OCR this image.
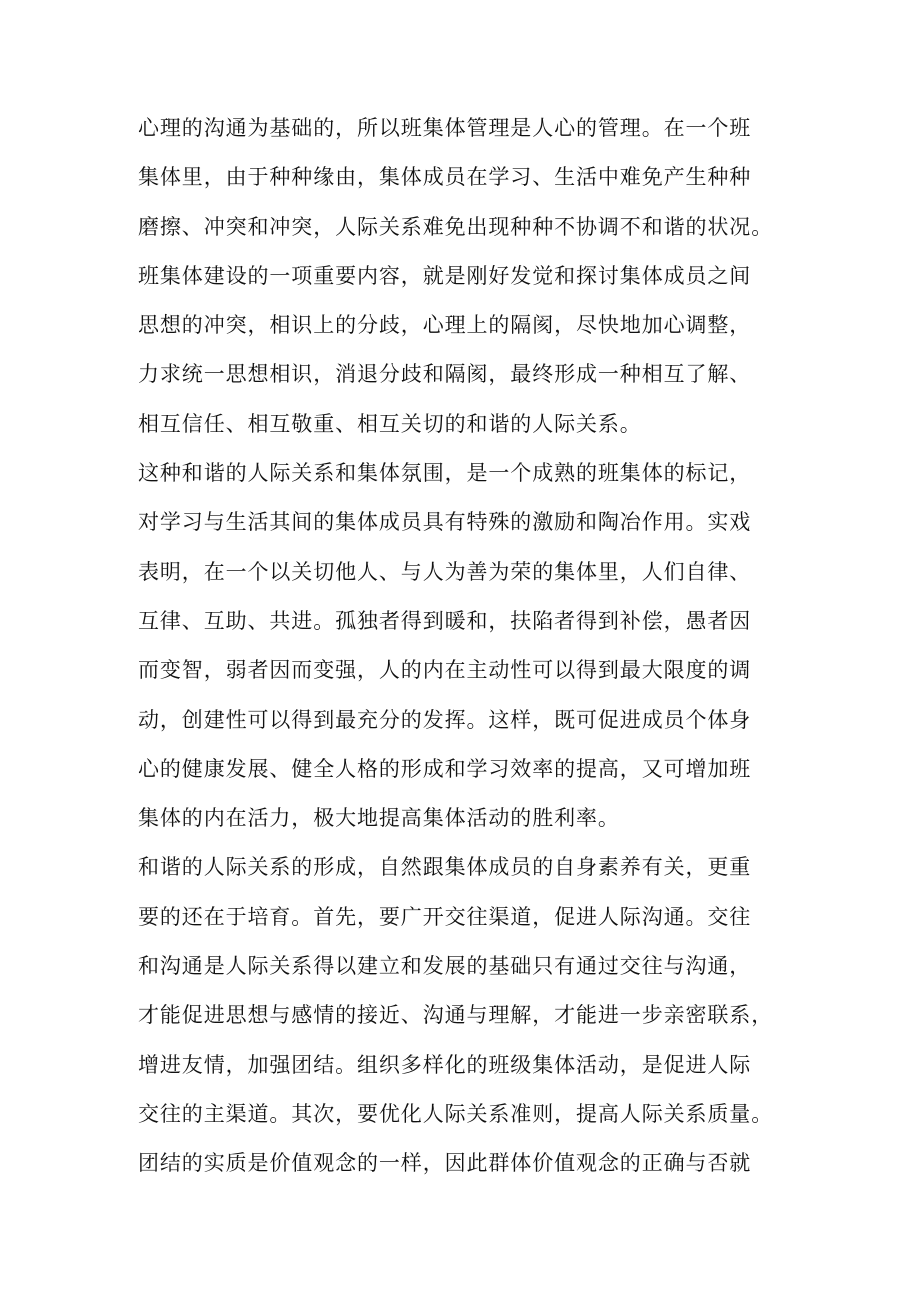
心理的沟通为基础的，所以班集体管理是人心的管理。在一个班
集体里，由于种种缘由，集体成员在学习、生活中难免产生种种
磨擦、冲突和冲突，人际关系难免出现种种不协调不和谐的状况。
班集体建设的一项重要内容，就是刚好发觉和探讨集体成员之间
思想的冲突，相识上的分歧，心理上的隔阂，尽快地加心调整，
力求统一思想相识，消退分歧和隔阂，最终形成一种相互了解、
相互信任、相互敬重、相互关切的和谐的人际关系。
这种和谐的人际关系和集体氛围，是一个成熟的班集体的标记，
对学习与生活其间的集体成员具有特殊的激励和陶冶作用。实戏
表明，在一个以关切他人、与人为善为荣的集体里，人们自律、
互律、互助、共进。孤独者得到暖和，扶陷者得到补偿，愚者因
而变智，弱者因而变强，人的内在主动性可以得到最大限度的调
动，创建性可以得到最充分的发挥。这样，既可促进成员个体身
心的健康发展、健全人格的形成和学习效率的提高，又可增加班
集体的内在活力，极大地提高集体活动的胜利率。
和谐的人际关系的形成，自然跟集体成员的自身素养有关，更重
要的还在于培育。首先，要广开交往渠道，促进人际沟通。交往
和沟通是人际关系得以建立和发展的基础只有通过交往与沟通，
才能促进思想与感情的接近、沟通与理解，才能进一步亲密联系，
增进友情，加强团结。组织多样化的班级集体活动，是促进人际
交往的主渠道。其次，要优化人际关系准则，提高人际关系质量。
团结的实质是价值观念的一样，因此群体价值观念的正确与否就
